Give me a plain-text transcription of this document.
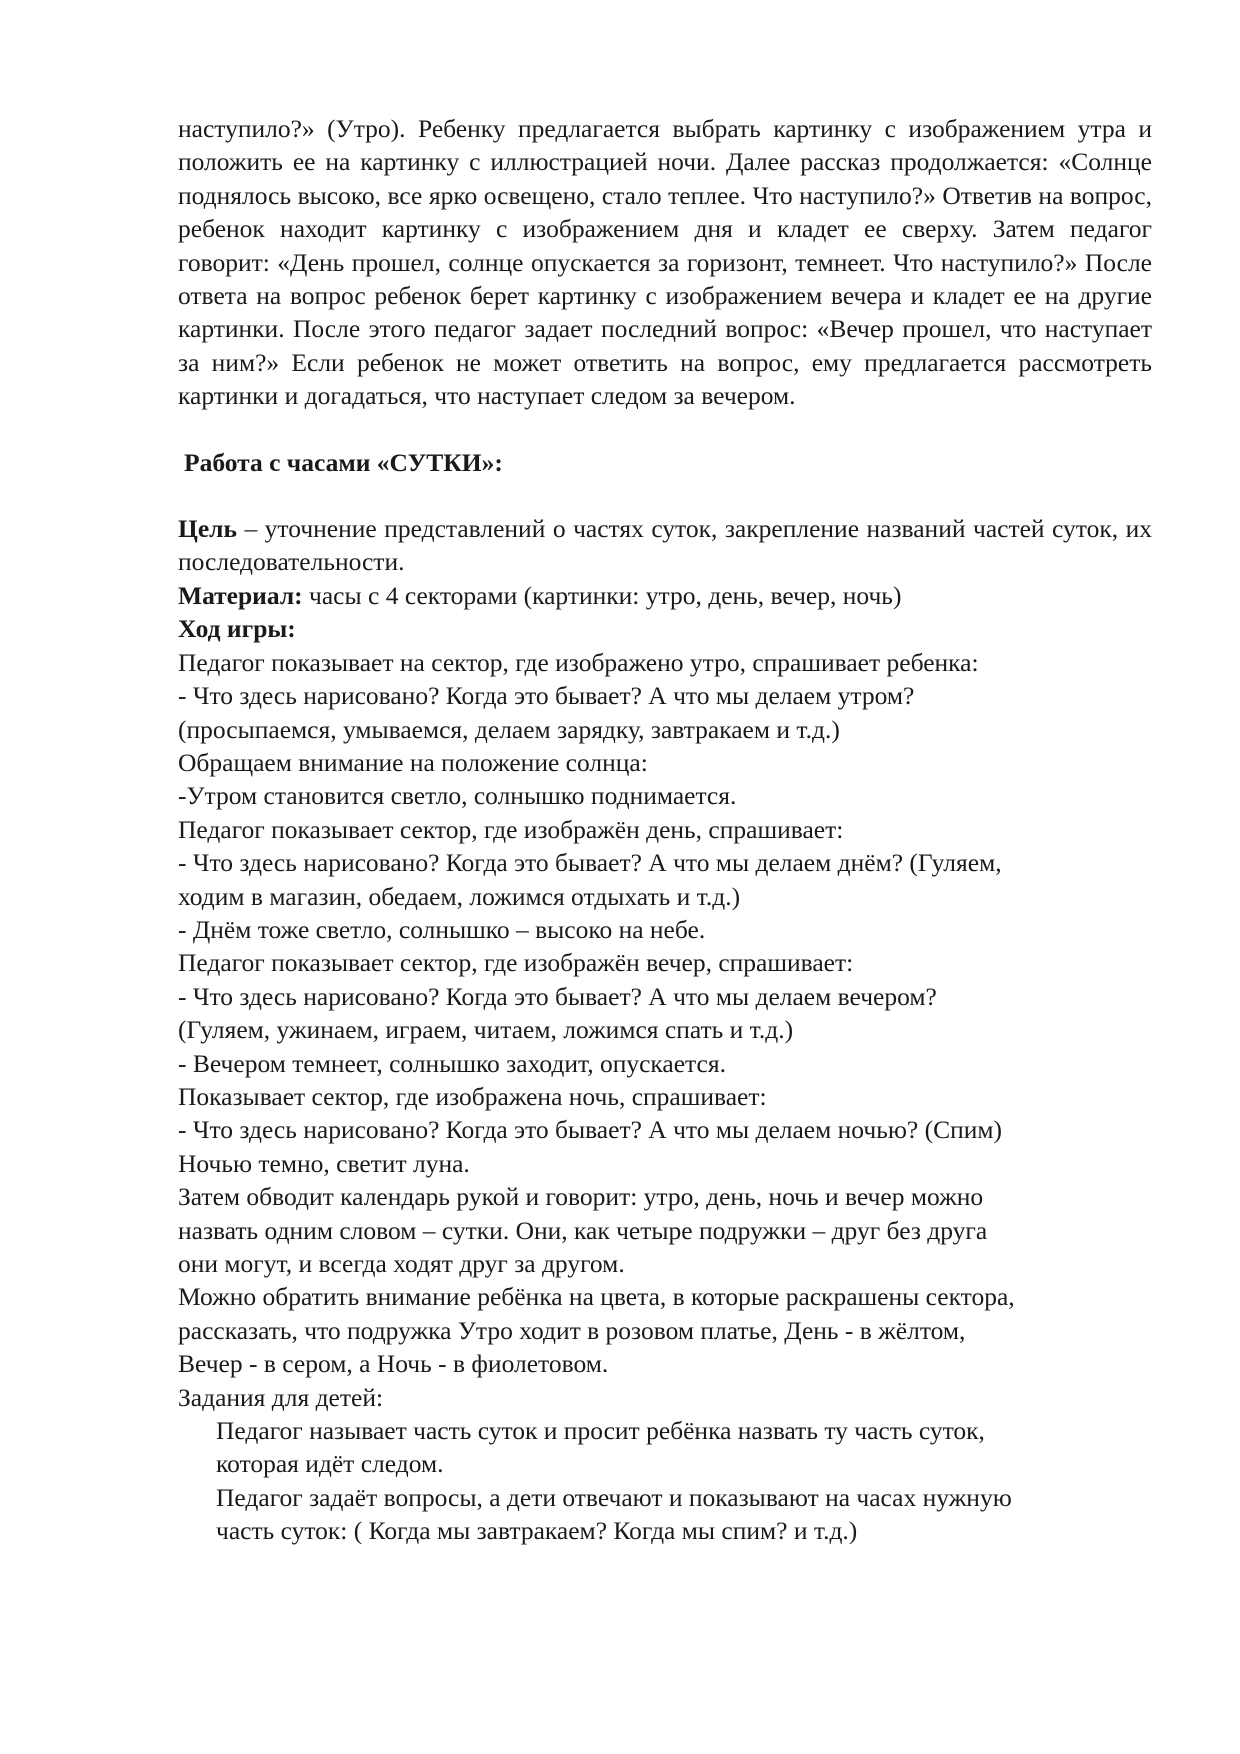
наступило?» (Утро). Ребенку предлагается выбрать картинку с изображением утра и положить ее на картинку с иллюстрацией ночи. Далее рассказ продолжается: «Солнце поднялось высоко, все ярко освещено, стало теплее. Что наступило?» Ответив на вопрос, ребенок находит картинку с изображением дня и кладет ее сверху. Затем педагог говорит: «День прошел, солнце опускается за горизонт, темнеет. Что наступило?» После ответа на вопрос ребенок берет картинку с изображением вечера и кладет ее на другие картинки. После этого педагог задает последний вопрос: «Вечер прошел, что наступает за ним?» Если ребенок не может ответить на вопрос, ему предлагается рассмотреть картинки и догадаться, что наступает следом за вечером.

Работа с часами «СУТКИ»:

Цель – уточнение представлений о частях суток, закрепление названий частей суток, их последовательности.

Материал: часы с 4 секторами (картинки: утро, день, вечер, ночь)

Ход игры:

Педагог показывает на сектор, где изображено утро, спрашивает ребенка:

- Что здесь нарисовано? Когда это бывает? А что мы делаем утром?

(просыпаемся, умываемся, делаем зарядку, завтракаем и т.д.)

Обращаем внимание на положение солнца:

-Утром становится светло, солнышко поднимается.

Педагог показывает сектор, где изображён день, спрашивает:

- Что здесь нарисовано? Когда это бывает? А что мы делаем днём? (Гуляем,

ходим в магазин, обедаем, ложимся отдыхать и т.д.)

- Днём тоже светло, солнышко – высоко на небе.

Педагог показывает сектор, где изображён вечер, спрашивает:

- Что здесь нарисовано? Когда это бывает? А что мы делаем вечером?

(Гуляем, ужинаем, играем, читаем, ложимся спать и т.д.)

- Вечером темнеет, солнышко заходит, опускается.

Показывает сектор, где изображена ночь, спрашивает:

- Что здесь нарисовано? Когда это бывает? А что мы делаем ночью? (Спим)

Ночью темно, светит луна.

Затем обводит календарь рукой и говорит: утро, день, ночь и вечер можно

назвать одним словом – сутки. Они, как четыре подружки – друг без друга

они могут, и всегда ходят друг за другом.

Можно обратить внимание ребёнка на цвета, в которые раскрашены сектора,

рассказать, что подружка Утро ходит в розовом платье, День - в жёлтом,

Вечер - в сером, а Ночь - в фиолетовом.

Задания для детей:

Педагог называет часть суток и просит ребёнка назвать ту часть суток,

которая идёт следом.

Педагог задаёт вопросы, а дети отвечают и показывают на часах нужную

часть суток: ( Когда мы завтракаем? Когда мы спим? и т.д.)
